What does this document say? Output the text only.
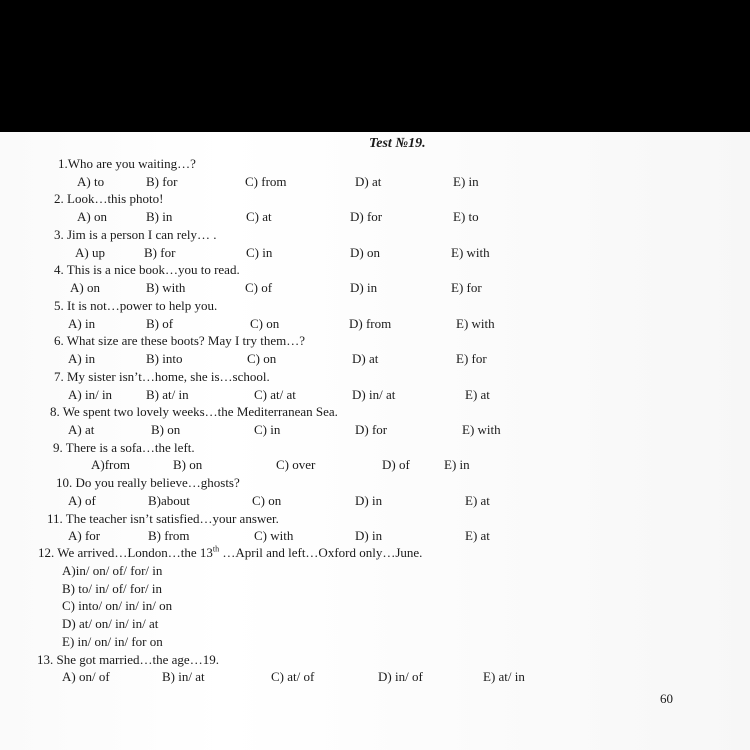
Test №19.
1.Who are you waiting…?
A) to	B) for	C) from	D) at	E) in
2. Look…this photo!
A) on	B) in	C) at	D) for	E) to
3. Jim is a person I can rely… .
A) up	B) for	C) in	D) on	E) with
4. This is a nice book…you to read.
A) on	B) with	C) of	D) in	E) for
5. It is not…power to help you.
A) in	B) of	C) on	D) from	E) with
6. What size are these boots? May I try them…?
A) in	B) into	C) on	D) at	E) for
7. My sister isn’t…home, she is…school.
A) in/ in	B) at/ in	C) at/ at	D) in/ at	E) at
8. We spent two lovely weeks…the Mediterranean Sea.
A) at	B) on	C) in	D) for	E) with
9. There is a sofa…the left.
A)from	B) on	C) over	D) of	E) in
10. Do you really believe…ghosts?
A) of	B)about	C) on	D) in	E) at
11. The teacher isn’t satisfied…your answer.
A) for	B) from	C) with	D) in	E) at
12. We arrived…London…the 13th …April and left…Oxford only…June.
A)in/ on/ of/ for/ in
B) to/ in/ of/ for/ in
C) into/ on/ in/ in/ on
D) at/ on/ in/ in/ at
E) in/ on/ in/ for on
13. She got married…the age…19.
A) on/ of	B) in/ at	C) at/ of	D) in/ of	E) at/ in
60
